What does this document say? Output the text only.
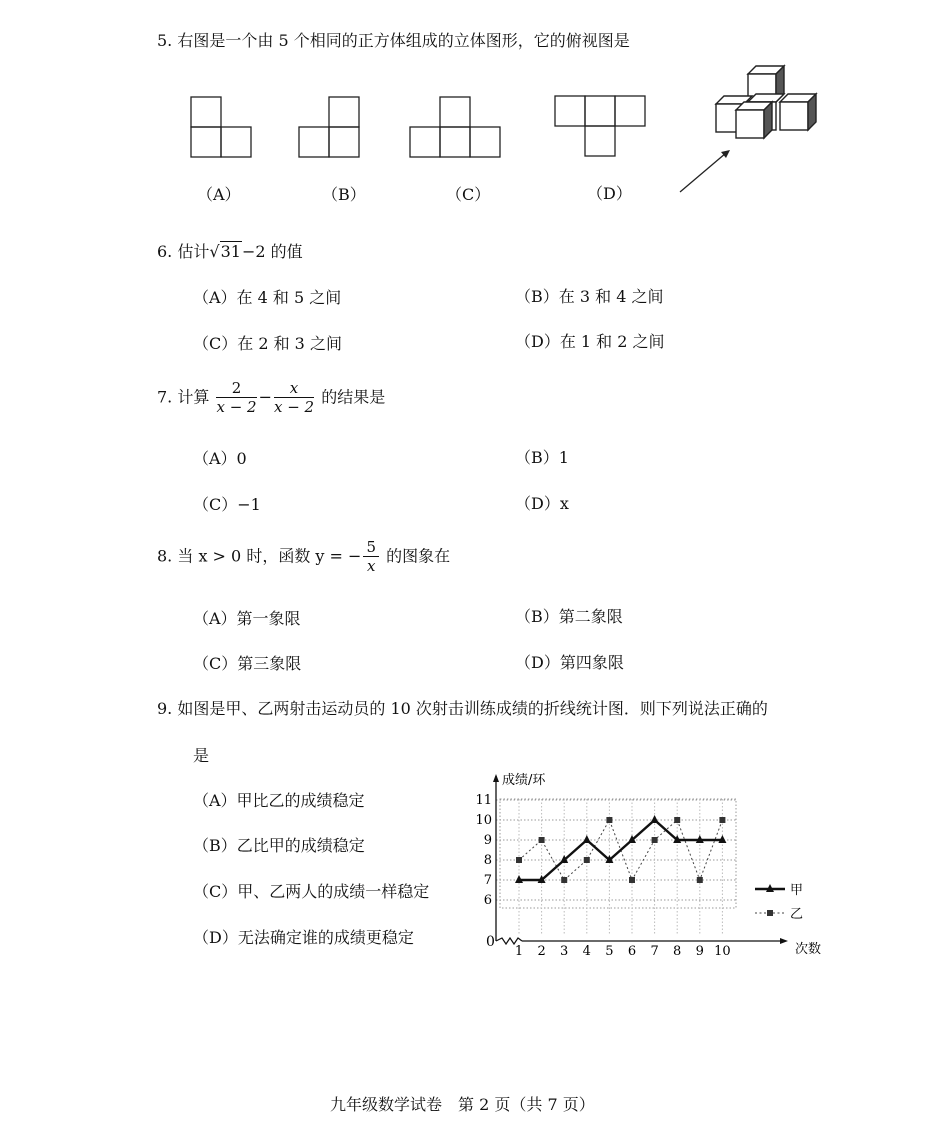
5. 右图是一个由 5 个相同的正方体组成的立体图形，它的俯视图是
（A）	（B）	（C）	（D）
6. 估计√31−2 的值
（A）在 4 和 5 之间	（B）在 3 和 4 之间
（C）在 2 和 3 之间	（D）在 1 和 2 之间
7. 计算 $\frac{2}{x - 2} - \frac{x}{x - 2}$ 的结果是
（A）0	（B）1
（C）−1	（D）x
8. 当 x > 0 时，函数 y = − $\frac{5}{x}$ 的图象在
（A）第一象限	（B）第二象限
（C）第三象限	（D）第四象限
9. 如图是甲、乙两射击运动员的 10 次射击训练成绩的折线统计图．则下列说法正确的
是
（A）甲比乙的成绩稳定
（B）乙比甲的成绩稳定
（C）甲、乙两人的成绩一样稳定
（D）无法确定谁的成绩更稳定
6
7
8
9
10
11
1 2 3 4 5 6 7 8 9 10
0
成绩/环
次数
甲
乙
九年级数学试卷　第 2 页（共 7 页）
